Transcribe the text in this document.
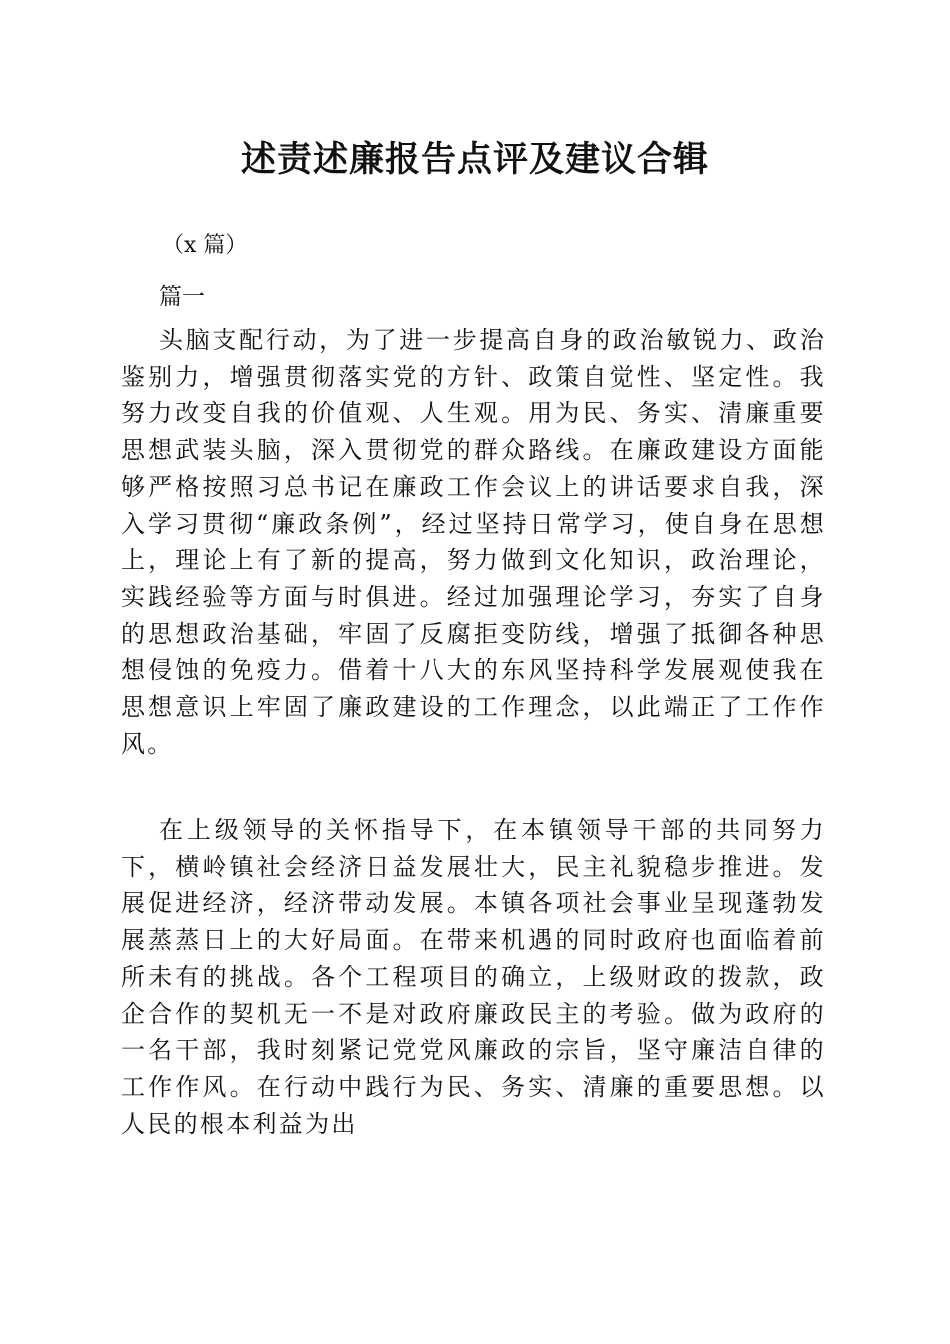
述责述廉报告点评及建议合辑

（x 篇）

篇一

头脑支配行动，为了进一步提高自身的政治敏锐力、政治鉴别力，增强贯彻落实党的方针、政策自觉性、坚定性。我努力改变自我的价值观、人生观。用为民、务实、清廉重要思想武装头脑，深入贯彻党的群众路线。在廉政建设方面能够严格按照习总书记在廉政工作会议上的讲话要求自我，深入学习贯彻“廉政条例”，经过坚持日常学习，使自身在思想上，理论上有了新的提高，努力做到文化知识，政治理论，实践经验等方面与时俱进。经过加强理论学习，夯实了自身的思想政治基础，牢固了反腐拒变防线，增强了抵御各种思想侵蚀的免疫力。借着十八大的东风坚持科学发展观使我在思想意识上牢固了廉政建设的工作理念，以此端正了工作作风。

在上级领导的关怀指导下，在本镇领导干部的共同努力下，横岭镇社会经济日益发展壮大，民主礼貌稳步推进。发展促进经济，经济带动发展。本镇各项社会事业呈现蓬勃发展蒸蒸日上的大好局面。在带来机遇的同时政府也面临着前所未有的挑战。各个工程项目的确立，上级财政的拨款，政企合作的契机无一不是对政府廉政民主的考验。做为政府的一名干部，我时刻紧记党党风廉政的宗旨，坚守廉洁自律的工作作风。在行动中践行为民、务实、清廉的重要思想。以人民的根本利益为出
